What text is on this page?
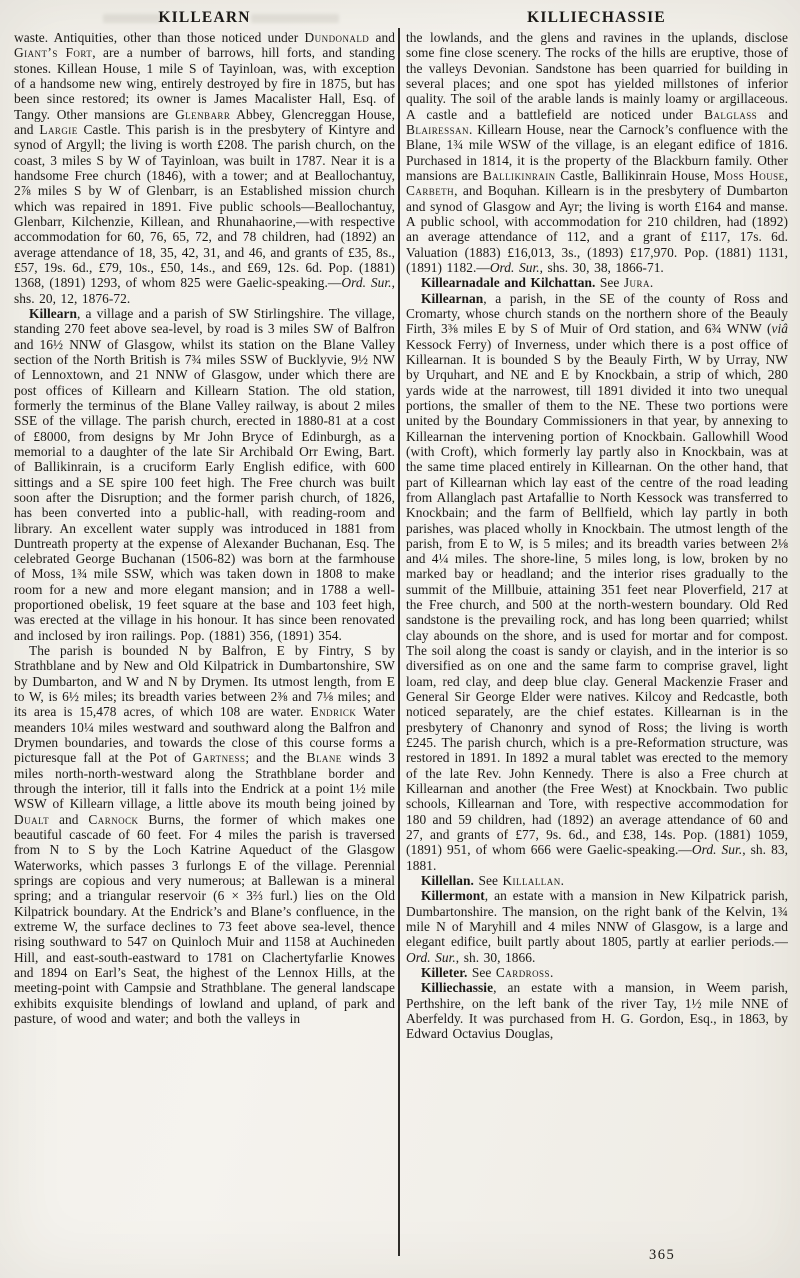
KILLEARN	KILLIECHASSIE

waste. Antiquities, other than those noticed under Dundonald and Giant’s Fort, are a number of barrows, hill forts, and standing stones. Killean House, 1 mile S of Tayinloan, was, with exception of a handsome new wing, entirely destroyed by fire in 1875, but has been since restored; its owner is James Macalister Hall, Esq. of Tangy. Other mansions are Glenbarr Abbey, Glencreggan House, and Largie Castle. This parish is in the presbytery of Kintyre and synod of Argyll; the living is worth £208. The parish church, on the coast, 3 miles S by W of Tayinloan, was built in 1787. Near it is a handsome Free church (1846), with a tower; and at Beallochantuy, 2⅞ miles S by W of Glenbarr, is an Established mission church which was repaired in 1891. Five public schools—Beallochantuy, Glenbarr, Kilchenzie, Killean, and Rhunahaorine,—with respective accommodation for 60, 76, 65, 72, and 78 children, had (1892) an average attendance of 18, 35, 42, 31, and 46, and grants of £35, 8s., £57, 19s. 6d., £79, 10s., £50, 14s., and £69, 12s. 6d. Pop. (1881) 1368, (1891) 1293, of whom 825 were Gaelic-speaking.—Ord. Sur., shs. 20, 12, 1876-72.

Killearn, a village and a parish of SW Stirlingshire. The village, standing 270 feet above sea-level, by road is 3 miles SW of Balfron and 16½ NNW of Glasgow, whilst its station on the Blane Valley section of the North British is 7¾ miles SSW of Bucklyvie, 9½ NW of Lennoxtown, and 21 NNW of Glasgow, under which there are post offices of Killearn and Killearn Station. The old station, formerly the terminus of the Blane Valley railway, is about 2 miles SSE of the village. The parish church, erected in 1880-81 at a cost of £8000, from designs by Mr John Bryce of Edinburgh, as a memorial to a daughter of the late Sir Archibald Orr Ewing, Bart. of Ballikinrain, is a cruciform Early English edifice, with 600 sittings and a SE spire 100 feet high. The Free church was built soon after the Disruption; and the former parish church, of 1826, has been converted into a public-hall, with reading-room and library. An excellent water supply was introduced in 1881 from Duntreath property at the expense of Alexander Buchanan, Esq. The celebrated George Buchanan (1506-82) was born at the farmhouse of Moss, 1¾ mile SSW, which was taken down in 1808 to make room for a new and more elegant mansion; and in 1788 a well-proportioned obelisk, 19 feet square at the base and 103 feet high, was erected at the village in his honour. It has since been renovated and inclosed by iron railings. Pop. (1881) 356, (1891) 354.

The parish is bounded N by Balfron, E by Fintry, S by Strathblane and by New and Old Kilpatrick in Dumbartonshire, SW by Dumbarton, and W and N by Drymen. Its utmost length, from E to W, is 6½ miles; its breadth varies between 2⅜ and 7⅛ miles; and its area is 15,478 acres, of which 108 are water. Endrick Water meanders 10¼ miles westward and southward along the Balfron and Drymen boundaries, and towards the close of this course forms a picturesque fall at the Pot of Gartness; and the Blane winds 3 miles north-north-westward along the Strathblane border and through the interior, till it falls into the Endrick at a point 1½ mile WSW of Killearn village, a little above its mouth being joined by Dualt and Carnock Burns, the former of which makes one beautiful cascade of 60 feet. For 4 miles the parish is traversed from N to S by the Loch Katrine Aqueduct of the Glasgow Waterworks, which passes 3 furlongs E of the village. Perennial springs are copious and very numerous; at Ballewan is a mineral spring; and a triangular reservoir (6 × 3⅔ furl.) lies on the Old Kilpatrick boundary. At the Endrick’s and Blane’s confluence, in the extreme W, the surface declines to 73 feet above sea-level, thence rising southward to 547 on Quinloch Muir and 1158 at Auchineden Hill, and east-south-eastward to 1781 on Clachertyfarlie Knowes and 1894 on Earl’s Seat, the highest of the Lennox Hills, at the meeting-point with Campsie and Strathblane. The general landscape exhibits exquisite blendings of lowland and upland, of park and pasture, of wood and water; and both the valleys in

the lowlands, and the glens and ravines in the uplands, disclose some fine close scenery. The rocks of the hills are eruptive, those of the valleys Devonian. Sandstone has been quarried for building in several places; and one spot has yielded millstones of inferior quality. The soil of the arable lands is mainly loamy or argillaceous. A castle and a battlefield are noticed under Balglass and Blairessan. Killearn House, near the Carnock’s confluence with the Blane, 1¾ mile WSW of the village, is an elegant edifice of 1816. Purchased in 1814, it is the property of the Blackburn family. Other mansions are Ballikinrain Castle, Ballikinrain House, Moss House, Carbeth, and Boquhan. Killearn is in the presbytery of Dumbarton and synod of Glasgow and Ayr; the living is worth £164 and manse. A public school, with accommodation for 210 children, had (1892) an average attendance of 112, and a grant of £117, 17s. 6d. Valuation (1883) £16,013, 3s., (1893) £17,970. Pop. (1881) 1131, (1891) 1182.—Ord. Sur., shs. 30, 38, 1866-71.

Killearnadale and Kilchattan. See Jura.

Killearnan, a parish, in the SE of the county of Ross and Cromarty, whose church stands on the northern shore of the Beauly Firth, 3⅜ miles E by S of Muir of Ord station, and 6¾ WNW (viâ Kessock Ferry) of Inverness, under which there is a post office of Killearnan. It is bounded S by the Beauly Firth, W by Urray, NW by Urquhart, and NE and E by Knockbain, a strip of which, 280 yards wide at the narrowest, till 1891 divided it into two unequal portions, the smaller of them to the NE. These two portions were united by the Boundary Commissioners in that year, by annexing to Killearnan the intervening portion of Knockbain. Gallowhill Wood (with Croft), which formerly lay partly also in Knockbain, was at the same time placed entirely in Killearnan. On the other hand, that part of Killearnan which lay east of the centre of the road leading from Allanglach past Artafallie to North Kessock was transferred to Knockbain; and the farm of Bellfield, which lay partly in both parishes, was placed wholly in Knockbain. The utmost length of the parish, from E to W, is 5 miles; and its breadth varies between 2⅛ and 4¼ miles. The shore-line, 5 miles long, is low, broken by no marked bay or headland; and the interior rises gradually to the summit of the Millbuie, attaining 351 feet near Ploverfield, 217 at the Free church, and 500 at the north-western boundary. Old Red sandstone is the prevailing rock, and has long been quarried; whilst clay abounds on the shore, and is used for mortar and for compost. The soil along the coast is sandy or clayish, and in the interior is so diversified as on one and the same farm to comprise gravel, light loam, red clay, and deep blue clay. General Mackenzie Fraser and General Sir George Elder were natives. Kilcoy and Redcastle, both noticed separately, are the chief estates. Killearnan is in the presbytery of Chanonry and synod of Ross; the living is worth £245. The parish church, which is a pre-Reformation structure, was restored in 1891. In 1892 a mural tablet was erected to the memory of the late Rev. John Kennedy. There is also a Free church at Killearnan and another (the Free West) at Knockbain. Two public schools, Killearnan and Tore, with respective accommodation for 180 and 59 children, had (1892) an average attendance of 60 and 27, and grants of £77, 9s. 6d., and £38, 14s. Pop. (1881) 1059, (1891) 951, of whom 666 were Gaelic-speaking.—Ord. Sur., sh. 83, 1881.

Killellan. See Killallan.

Killermont, an estate with a mansion in New Kilpatrick parish, Dumbartonshire. The mansion, on the right bank of the Kelvin, 1¾ mile N of Maryhill and 4 miles NNW of Glasgow, is a large and elegant edifice, built partly about 1805, partly at earlier periods.—Ord. Sur., sh. 30, 1866.

Killeter. See Cardross.

Killiechassie, an estate with a mansion, in Weem parish, Perthshire, on the left bank of the river Tay, 1½ mile NNE of Aberfeldy. It was purchased from H. G. Gordon, Esq., in 1863, by Edward Octavius Douglas,

365
